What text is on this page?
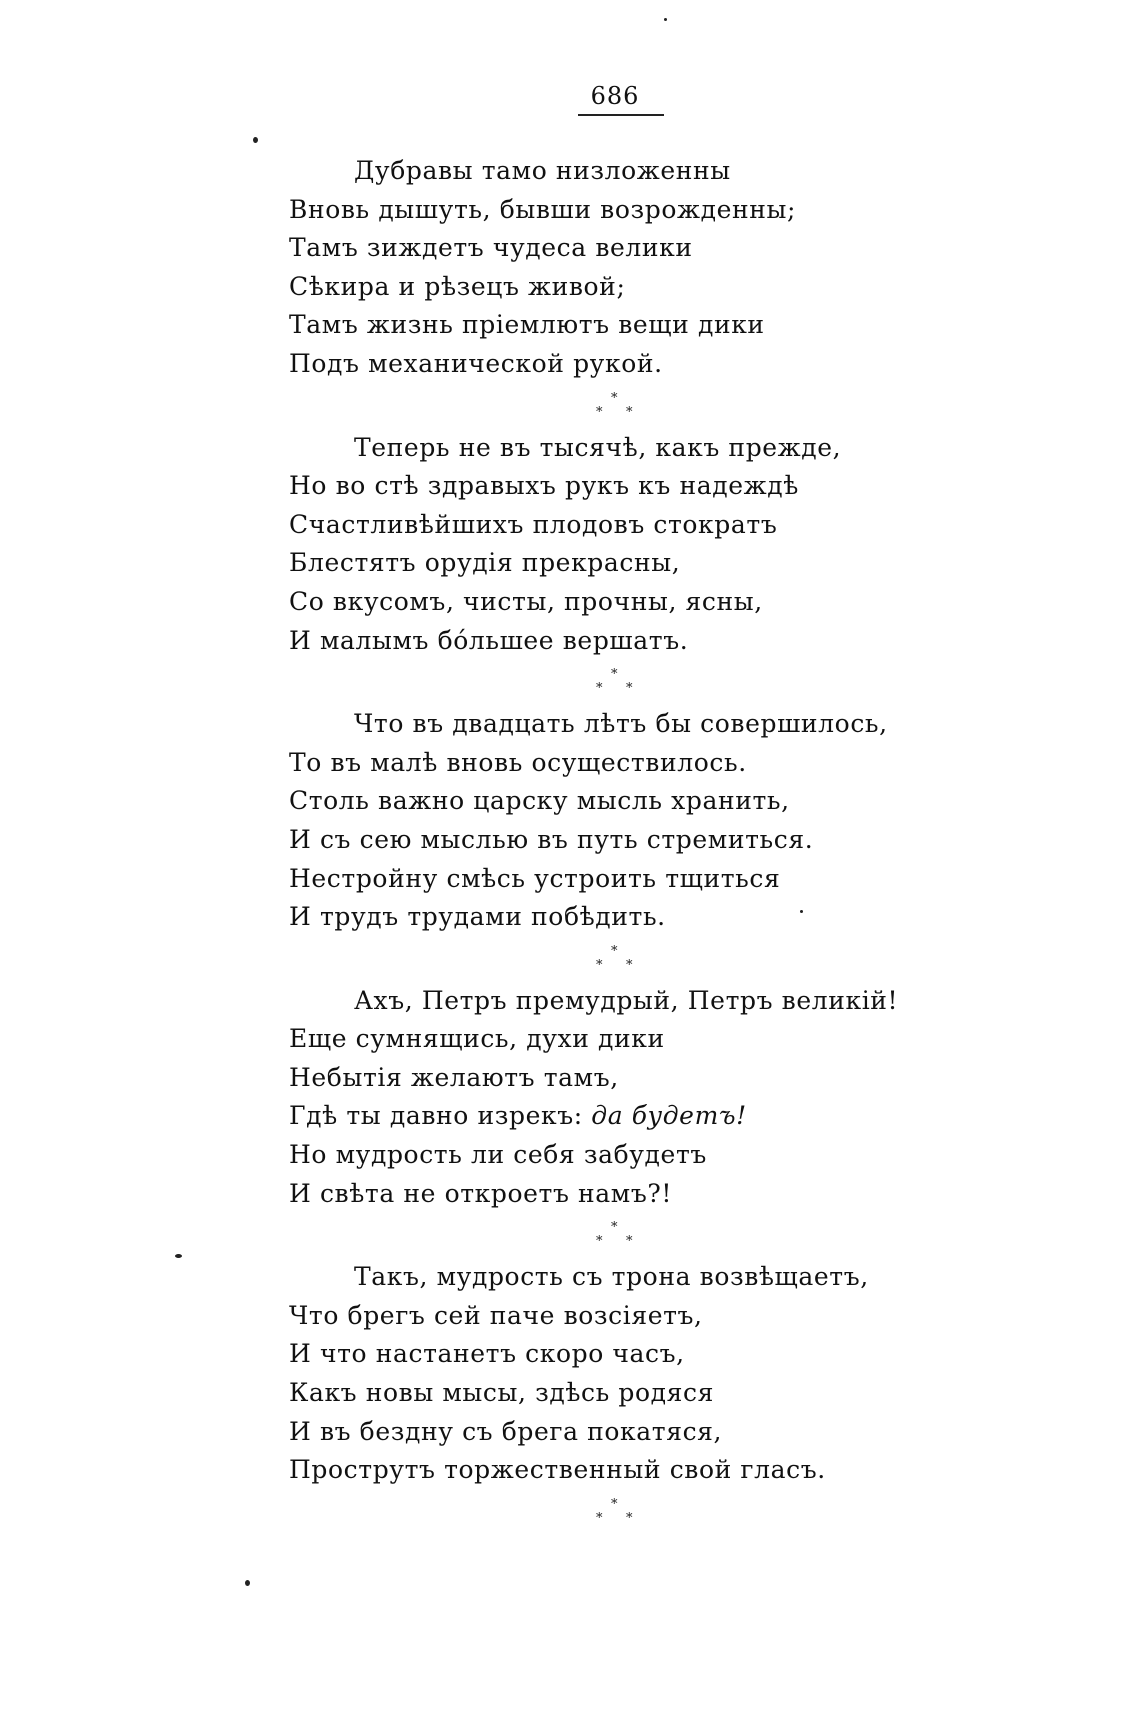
686
Дубравы тамо низложенны
Вновь дышуть, бывши возрожденны;
Тамъ зиждетъ чудеса велики
Сѣкира и рѣзецъ живой;
Тамъ жизнь пріемлютъ вещи дики
Подъ механической рукой.
*
* *
Теперь не въ тысячѣ, какъ прежде,
Но во стѣ здравыхъ рукъ къ надеждѣ
Счастливѣйшихъ плодовъ стократъ
Блестятъ орудія прекрасны,
Со вкусомъ, чисты, прочны, ясны,
И малымъ бо́льшее вершатъ.
*
* *
Что въ двадцать лѣтъ бы совершилось,
То въ малѣ вновь осуществилось.
Столь важно царску мысль хранить,
И съ сею мыслью въ путь стремиться.
Нестройну смѣсь устроить тщиться
И трудъ трудами побѣдить.
*
* *
Ахъ, Петръ премудрый, Петръ великій!
Еще сумнящись, духи дики
Небытія желаютъ тамъ,
Гдѣ ты давно изрекъ: да будетъ!
Но мудрость ли себя забудетъ
И свѣта не откроетъ намъ?!
*
* *
Такъ, мудрость съ трона возвѣщаетъ,
Что брегъ сей паче возсіяетъ,
И что настанетъ скоро часъ,
Какъ новы мысы, здѣсь родяся
И въ бездну съ брега покатяся,
Прострутъ торжественный свой гласъ.
*
* *
